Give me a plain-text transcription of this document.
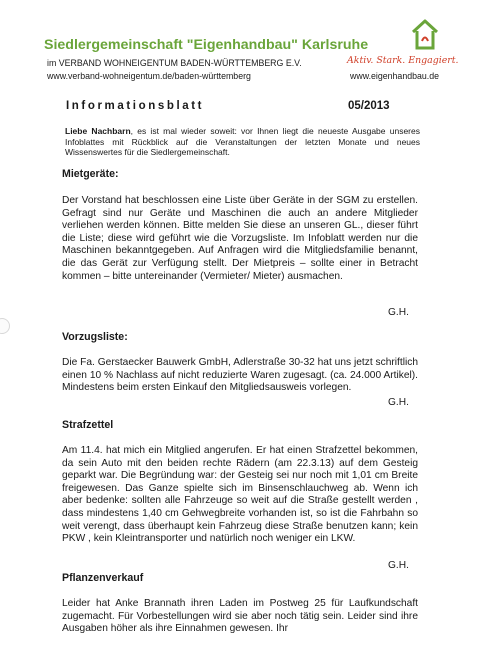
Siedlergemeinschaft "Eigenhandbau" Karlsruhe
im VERBAND WOHNEIGENTUM BADEN-WÜRTTEMBERG E.V.
www.verband-wohneigentum.de/baden-württemberg
Aktiv. Stark. Engagiert.
www.eigenhandbau.de
Informationsblatt	05/2013
Liebe Nachbarn, es ist mal wieder soweit: vor Ihnen liegt die neueste Ausgabe unseres Infoblattes mit Rückblick auf die Veranstaltungen der letzten Monate und neues Wissenswertes für die Siedlergemeinschaft.
Mietgeräte:
Der Vorstand hat beschlossen eine Liste über Geräte in der SGM zu erstellen. Gefragt sind nur Geräte und Maschinen die auch an andere Mitglieder verliehen werden können. Bitte melden Sie diese an unseren GL., dieser führt die Liste; diese wird geführt wie die Vorzugsliste. Im Infoblatt werden nur die Maschinen bekanntgegeben. Auf Anfragen wird die Mitgliedsfamilie benannt, die das Gerät zur Verfügung stellt. Der Mietpreis – sollte einer in Betracht kommen – bitte untereinander (Vermieter/ Mieter) ausmachen.
G.H.
Vorzugsliste:
Die Fa. Gerstaecker Bauwerk GmbH, Adlerstraße 30-32 hat uns jetzt schriftlich einen 10 % Nachlass auf nicht reduzierte Waren zugesagt. (ca. 24.000 Artikel). Mindestens beim ersten Einkauf den Mitgliedsausweis vorlegen.
G.H.
Strafzettel
Am 11.4. hat mich ein Mitglied angerufen. Er hat einen Strafzettel bekommen, da sein Auto mit den beiden rechte Rädern (am 22.3.13) auf dem Gesteig geparkt war. Die Begründung war: der Gesteig sei nur noch mit 1,01 cm Breite freigewesen. Das Ganze spielte sich im Binsenschlauchweg ab. Wenn ich aber bedenke: sollten alle Fahrzeuge so weit auf die Straße gestellt werden , dass mindestens 1,40 cm Gehwegbreite vorhanden ist, so ist die Fahrbahn so weit verengt, dass überhaupt kein Fahrzeug diese Straße benutzen kann; kein PKW , kein Kleintransporter und natürlich noch weniger ein LKW.
G.H.
Pflanzenverkauf
Leider hat Anke Brannath ihren Laden im Postweg 25 für Laufkundschaft zugemacht. Für Vorbestellungen wird sie aber noch tätig sein. Leider sind ihre Ausgaben höher als ihre Einnahmen gewesen. Ihr
